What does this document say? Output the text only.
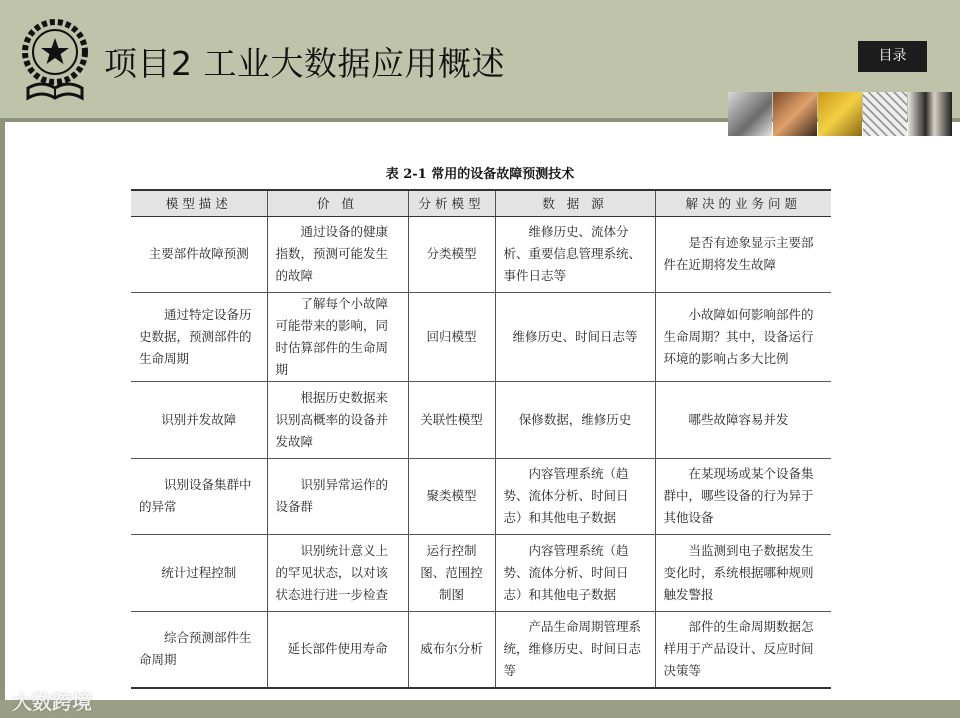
项目2 工业大数据应用概述	目录
表 2-1 常用的设备故障预测技术
模型描述	价 值	分析模型	数 据 源	解决的业务问题
主要部件故障预测	通过设备的健康指数，预测可能发生的故障	分类模型	维修历史、流体分析、重要信息管理系统、事件日志等	是否有迹象显示主要部件在近期将发生故障
通过特定设备历史数据，预测部件的生命周期	了解每个小故障可能带来的影响，同时估算部件的生命周期	回归模型	维修历史、时间日志等	小故障如何影响部件的生命周期？其中，设备运行环境的影响占多大比例
识别并发故障	根据历史数据来识别高概率的设备并发故障	关联性模型	保修数据，维修历史	哪些故障容易并发
识别设备集群中的异常	识别异常运作的设备群	聚类模型	内容管理系统（趋势、流体分析、时间日志）和其他电子数据	在某现场或某个设备集群中，哪些设备的行为异于其他设备
统计过程控制	识别统计意义上的罕见状态，以对该状态进行进一步检查	运行控制图、范围控制图	内容管理系统（趋势、流体分析、时间日志）和其他电子数据	当监测到电子数据发生变化时，系统根据哪种规则触发警报
综合预测部件生命周期	延长部件使用寿命	威布尔分析	产品生命周期管理系统，维修历史、时间日志等	部件的生命周期数据怎样用于产品设计、反应时间决策等
大数跨境
